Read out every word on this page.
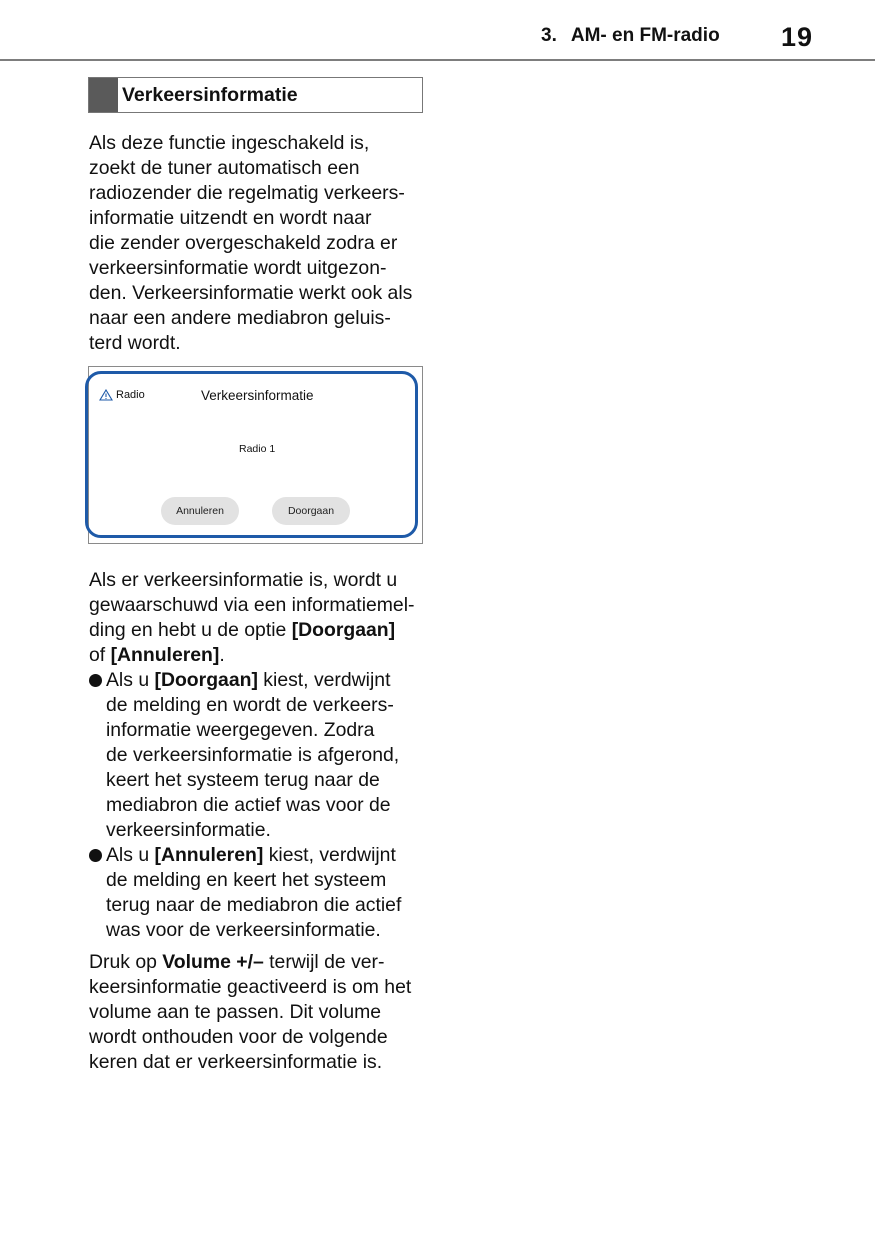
3. AM- en FM-radio 19
Verkeersinformatie
Als deze functie ingeschakeld is,
zoekt de tuner automatisch een
radiozender die regelmatig verkeers-
informatie uitzendt en wordt naar
die zender overgeschakeld zodra er
verkeersinformatie wordt uitgezon-
den. Verkeersinformatie werkt ook als
naar een andere mediabron geluis-
terd wordt.
Radio	Verkeersinformatie
Radio 1
Annuleren	Doorgaan
Als er verkeersinformatie is, wordt u
gewaarschuwd via een informatiemel-
ding en hebt u de optie [Doorgaan]
of [Annuleren].
Als u [Doorgaan] kiest, verdwijnt
de melding en wordt de verkeers-
informatie weergegeven. Zodra
de verkeersinformatie is afgerond,
keert het systeem terug naar de
mediabron die actief was voor de
verkeersinformatie.
Als u [Annuleren] kiest, verdwijnt
de melding en keert het systeem
terug naar de mediabron die actief
was voor de verkeersinformatie.
Druk op Volume +/– terwijl de ver-
keersinformatie geactiveerd is om het
volume aan te passen. Dit volume
wordt onthouden voor de volgende
keren dat er verkeersinformatie is.
